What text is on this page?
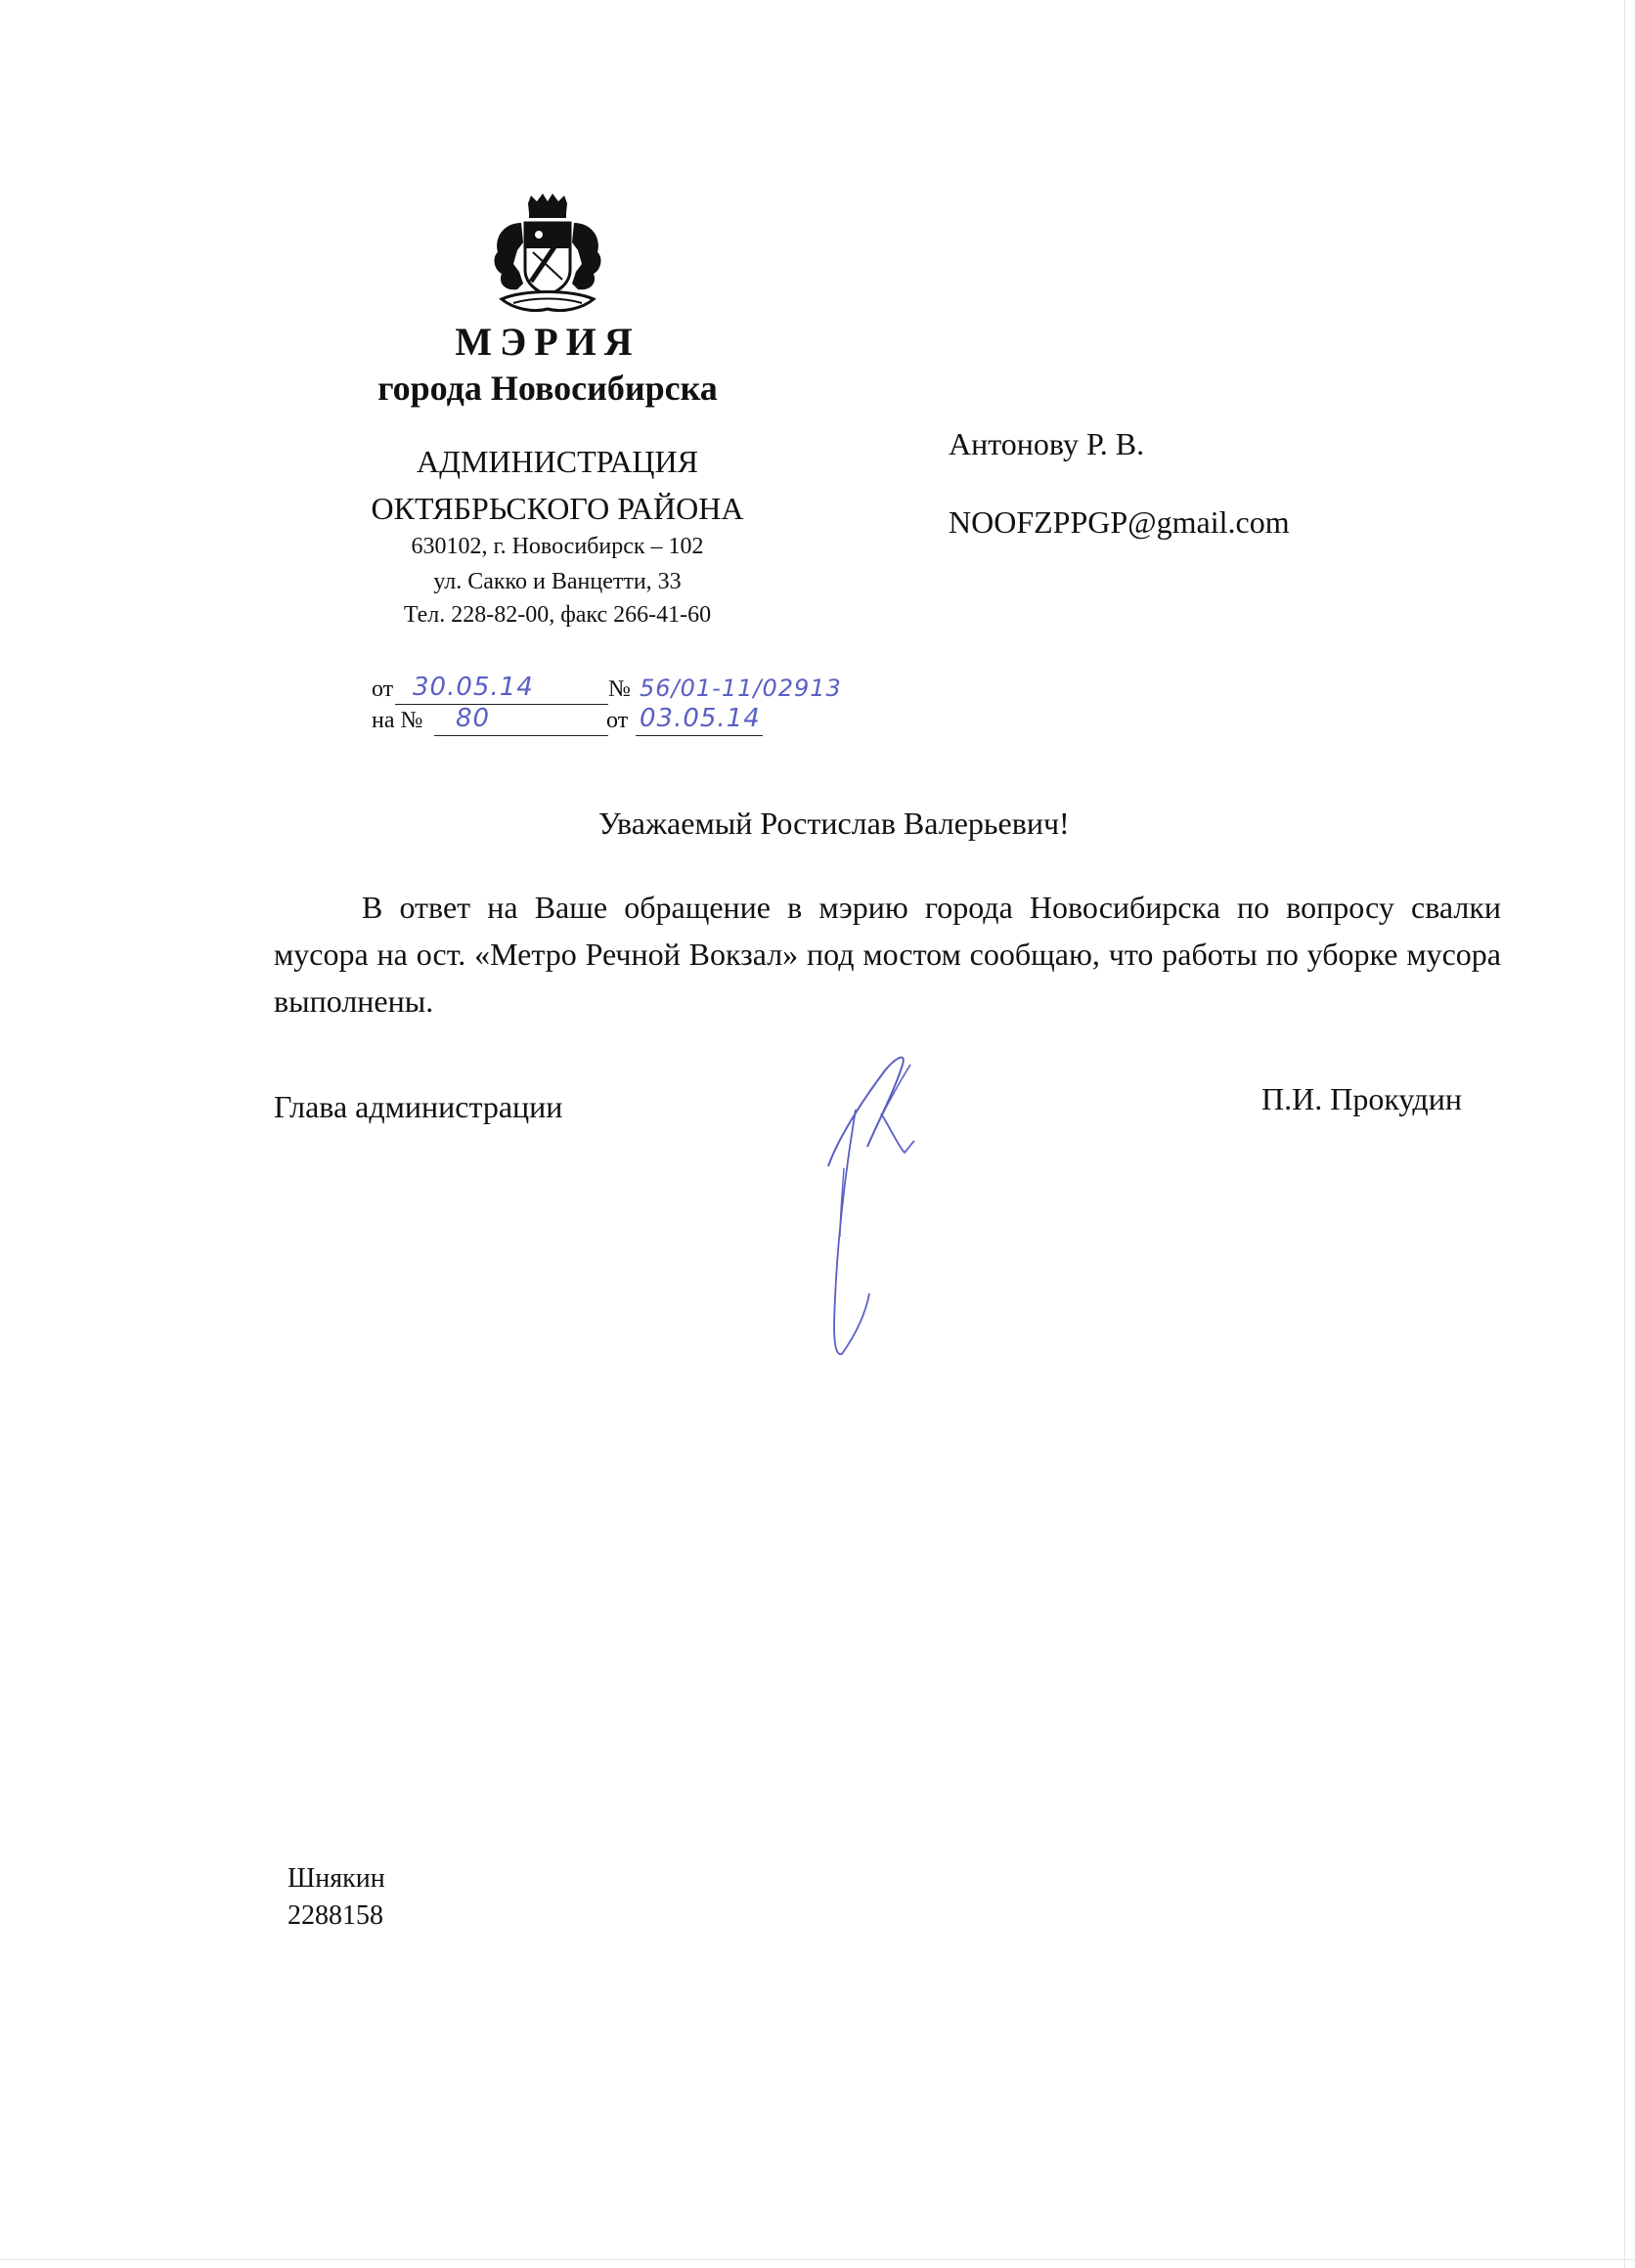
МЭРИЯ
города Новосибирска
АДМИНИСТРАЦИЯ
ОКТЯБРЬСКОГО РАЙОНА
630102, г. Новосибирск – 102
ул. Сакко и Ванцетти, 33
Тел. 228-82-00, факс 266-41-60
от 30.05.14	№ 56/01-11/02913
на № 80	от 03.05.14
Антонову Р. В.
NOOFZPPGP@gmail.com
Уважаемый Ростислав Валерьевич!
В ответ на Ваше обращение в мэрию города Новосибирска по вопросу свалки мусора на ост. «Метро Речной Вокзал» под мостом сообщаю, что работы по уборке мусора выполнены.
Глава администрации	П.И. Прокудин
Шнякин
2288158
